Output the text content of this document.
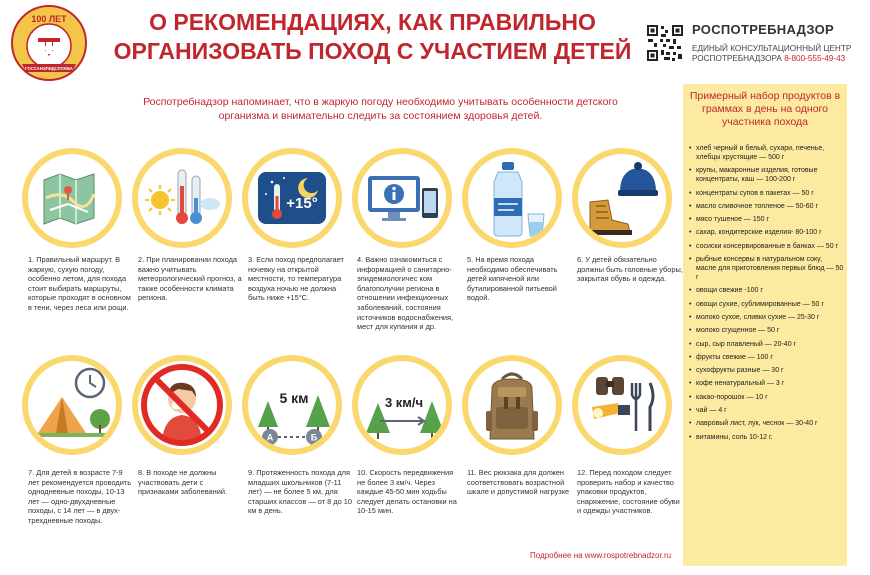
100 ЛЕТ
ГОССАНЭПИДСЛУЖБА
О РЕКОМЕНДАЦИЯХ, КАК ПРАВИЛЬНО
ОРГАНИЗОВАТЬ ПОХОД С УЧАСТИЕМ ДЕТЕЙ
РОСПОТРЕБНАДЗОР
ЕДИНЫЙ КОНСУЛЬТАЦИОННЫЙ ЦЕНТР
РОСПОТРЕБНАДЗОРА 8-800-555-49-43
Роспотребнадзор напоминает, что в жаркую погоду необходимо учитывать особенности детского организма и внимательно следить за состоянием здоровья детей.
+15°
1. Правильный маршрут. В жаркую, сухую погоду, особенно летом, для похода стоит выбирать маршруты, которые проходят в основном в тени, через леса или рощи.
2. При планировании похода важно учитывать метеорологический прогноз, а также особенности климата региона.
3. Если поход предполагает ночевку на открытой местности, то температура воздуха ночью не должна быть ниже +15°С.
4. Важно ознакомиться с информацией о санитарно-эпидемиологичес ком благополучии региона в отношении инфекционных заболеваний, состояния источников водоснабжения, мест для купания и др.
5. На время похода необходимо обеспечивать детей кипяченой или бутилированной питьевой водой.
6. У детей обязательно должны быть головные уборы, закрытая обувь и одежда.
5 км
А	Б
3 км/ч
7. Для детей в возрасте 7-9 лет рекомендуется проводить однодневные походы, 10-13 лет — одно-двухдневные походы, с 14 лет — в двух-трехдневные походы.
8. В походе не должны участвовать дети с признаками заболеваний.
9. Протяженность похода для младших школьников (7-11 лет) — не более 5 км, для старших классов — от 8 до 10 км в день.
10. Скорость передвижения не более 3 км/ч. Через каждые 45-50 мин ходьбы следует делать остановки на 10-15 мин.
11. Вес рюкзака для должен соответствовать возрастной шкале и допустимой нагрузке
12. Перед походом следует проверить набор и качество упаковки продуктов, снаряжение, состояние обуви и одежды участников.
Примерный набор продуктов в граммах в день на одного участника похода
• хлеб черный и белый, сухари, печенье, хлебцы хрустящие — 500 г
• крупы, макаронные изделия, готовые концентраты, каш — 100-200 г
• концентраты супов в пакетах — 50 г
• масло сливочное топленое — 50-60 г
• мясо тушеное — 150 г
• сахар, кондитерские изделия- 80-100 г
• сосиски консервированные в банках — 50 г
• рыбные консервы в натуральном соку, масле для приготовления первых блюд — 50 г
• овощи свежие -100 г
• овощи сухие, сублимированные — 50 г
• молоко сухое, сливки сухие — 25-30 г
• молоко сгущенное — 50 г
• сыр, сыр плавленый — 20-40 г
• фрукты свежие — 100 г
• сухофрукты разные — 30 г
• кофе ненатуральный — 3 г
• какао-порошок — 10 г
• чай — 4 г
• лавровый лист, лук, чеснок — 30-40 г
• витамины, соль 10-12 г.
Подробнее на www.rospotrebnadzor.ru
